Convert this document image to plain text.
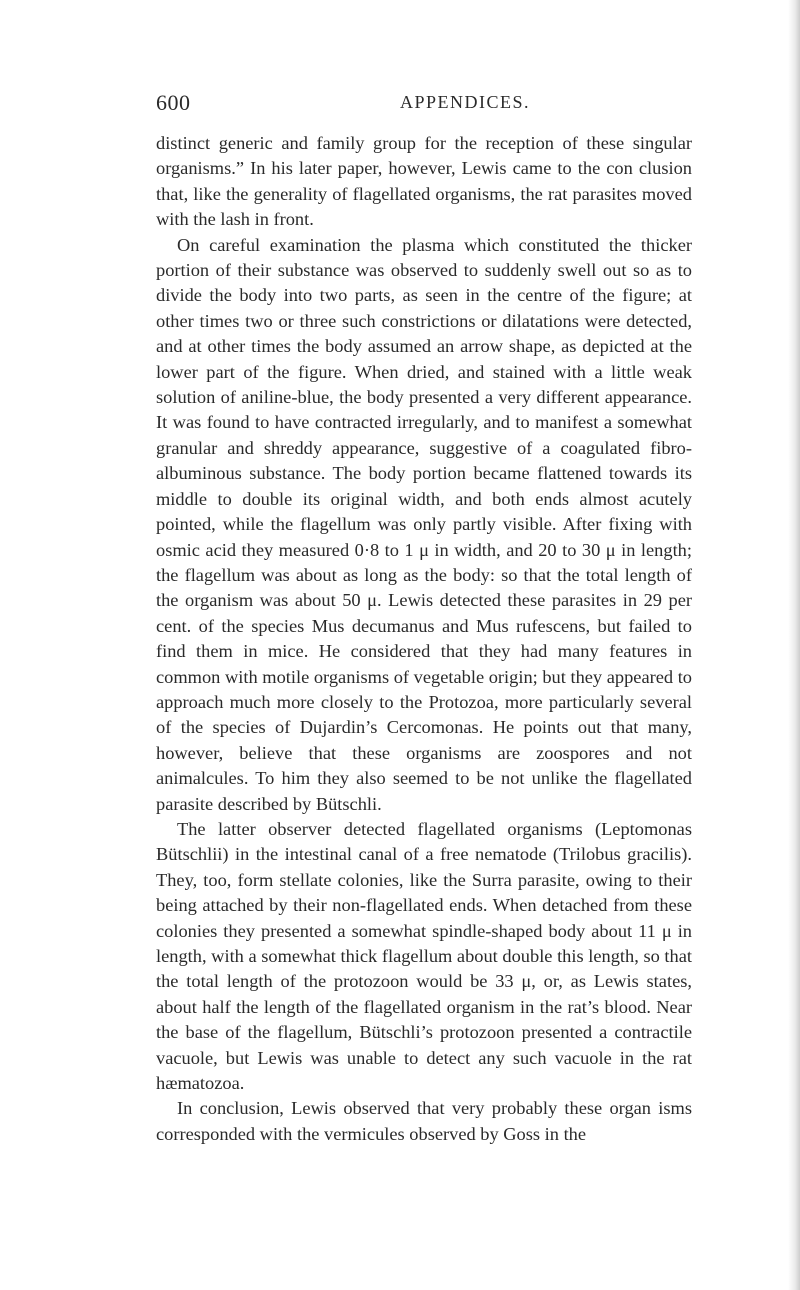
600	APPENDICES.

distinct generic and family group for the reception of these singular organisms.” In his later paper, however, Lewis came to the con clusion that, like the generality of flagellated organisms, the rat parasites moved with the lash in front.

On careful examination the plasma which constituted the thicker portion of their substance was observed to suddenly swell out so as to divide the body into two parts, as seen in the centre of the figure; at other times two or three such constrictions or dilatations were detected, and at other times the body assumed an arrow shape, as depicted at the lower part of the figure. When dried, and stained with a little weak solution of aniline-blue, the body presented a very different appearance. It was found to have contracted irregularly, and to manifest a somewhat granular and shreddy appearance, suggestive of a coagulated fibro-albuminous substance. The body portion became flattened towards its middle to double its original width, and both ends almost acutely pointed, while the flagellum was only partly visible. After fixing with osmic acid they measured 0·8 to 1 μ in width, and 20 to 30 μ in length; the flagellum was about as long as the body: so that the total length of the organism was about 50 μ. Lewis detected these parasites in 29 per cent. of the species Mus decumanus and Mus rufescens, but failed to find them in mice. He considered that they had many features in common with motile organisms of vegetable origin; but they appeared to approach much more closely to the Protozoa, more particularly several of the species of Dujardin’s Cercomonas. He points out that many, however, believe that these organisms are zoospores and not animalcules. To him they also seemed to be not unlike the flagellated parasite described by Bütschli.

The latter observer detected flagellated organisms (Leptomonas Bütschlii) in the intestinal canal of a free nematode (Trilobus gracilis). They, too, form stellate colonies, like the Surra parasite, owing to their being attached by their non-flagellated ends. When detached from these colonies they presented a somewhat spindle-shaped body about 11 μ in length, with a somewhat thick flagellum about double this length, so that the total length of the protozoon would be 33 μ, or, as Lewis states, about half the length of the flagellated organism in the rat’s blood. Near the base of the flagellum, Bütschli’s protozoon presented a contractile vacuole, but Lewis was unable to detect any such vacuole in the rat hæmatozoa.

In conclusion, Lewis observed that very probably these organ isms corresponded with the vermicules observed by Goss in the
